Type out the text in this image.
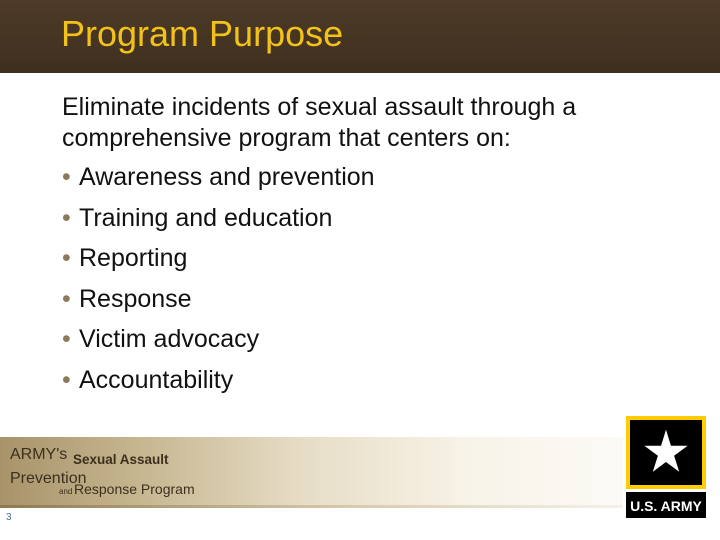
Program Purpose

Eliminate incidents of sexual assault through a comprehensive program that centers on:

• Awareness and prevention
• Training and education
• Reporting
• Response
• Victim advocacy
• Accountability
ARMY's Sexual Assault
Prevention
and Response Program
3
U.S. ARMY
